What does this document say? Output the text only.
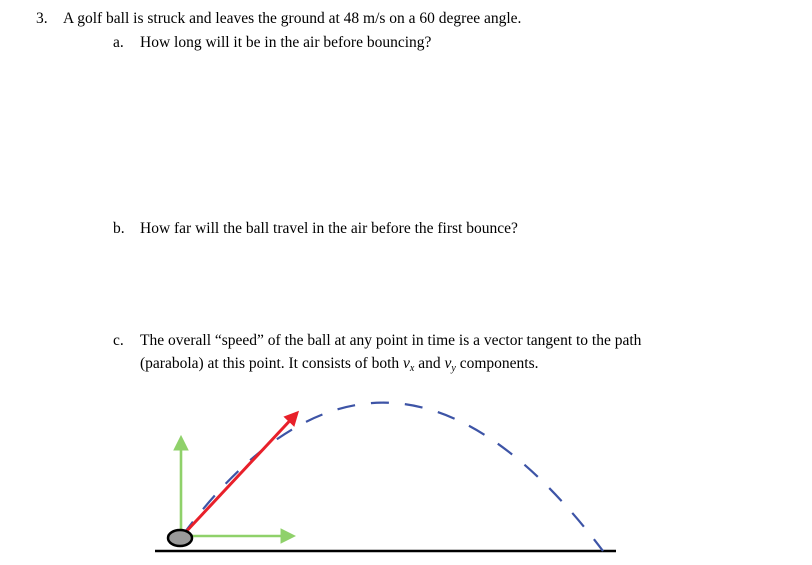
3. A golf ball is struck and leaves the ground at 48 m/s on a 60 degree angle.
a. How long will it be in the air before bouncing?
b. How far will the ball travel in the air before the first bounce?
c. The overall “speed” of the ball at any point in time is a vector tangent to the path
(parabola) at this point. It consists of both $v_x$ and $v_y$ components.
